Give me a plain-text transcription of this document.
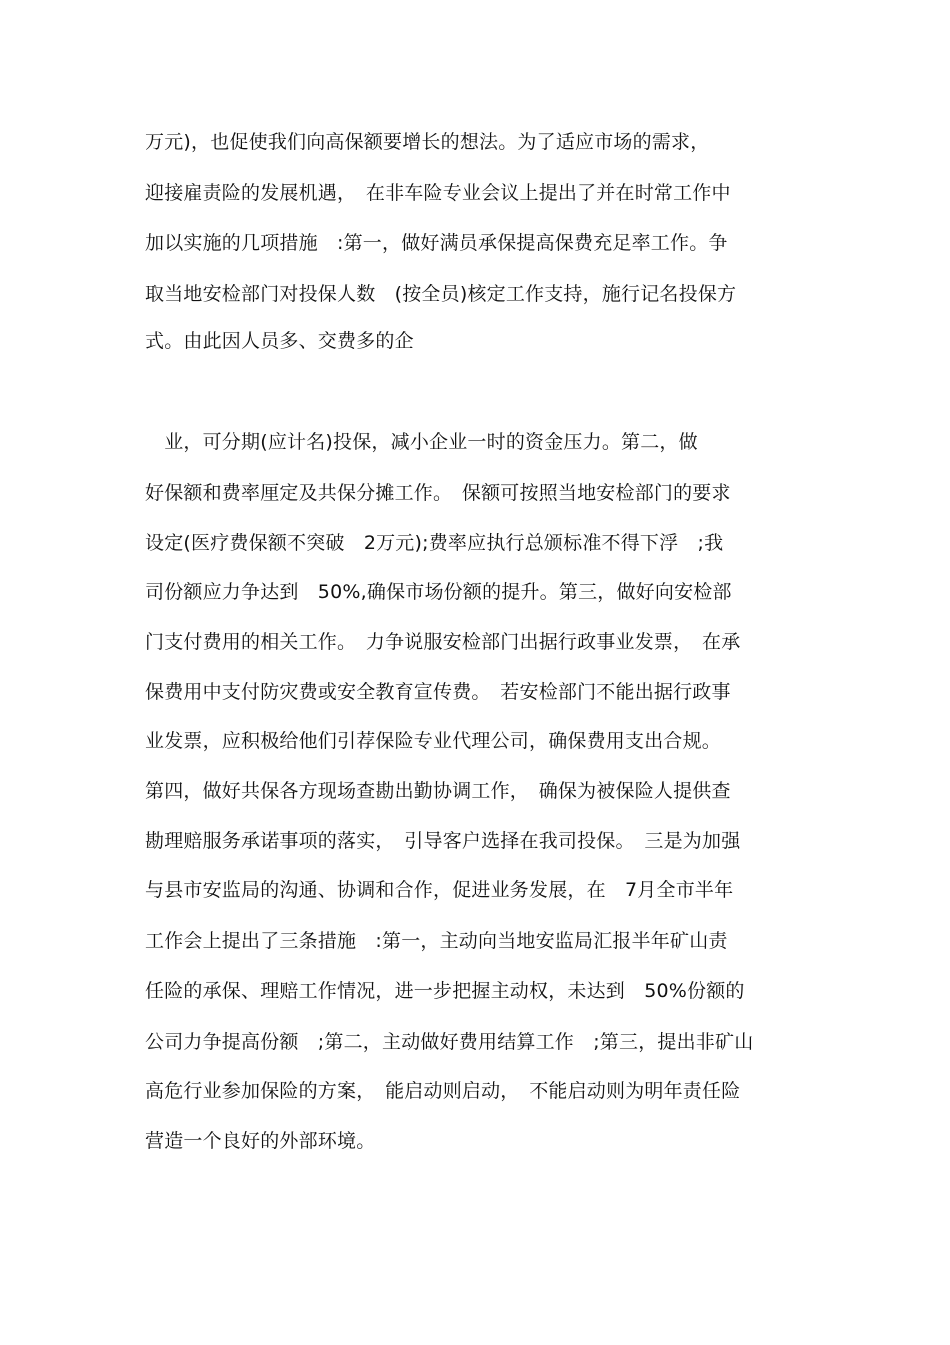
万元)，也促使我们向高保额要增长的想法。为了适应市场的需求，
迎接雇责险的发展机遇，　在非车险专业会议上提出了并在时常工作中
加以实施的几项措施　:第一，做好满员承保提高保费充足率工作。争
取当地安检部门对投保人数　(按全员)核定工作支持，施行记名投保方
式。由此因人员多、交费多的企
　业，可分期(应计名)投保，减小企业一时的资金压力。第二，做
好保额和费率厘定及共保分摊工作。　保额可按照当地安检部门的要求
设定(医疗费保额不突破　2万元);费率应执行总颁标准不得下浮　;我
司份额应力争达到　50%,确保市场份额的提升。第三，做好向安检部
门支付费用的相关工作。　力争说服安检部门出据行政事业发票，　在承
保费用中支付防灾费或安全教育宣传费。　若安检部门不能出据行政事
业发票，应积极给他们引荐保险专业代理公司，确保费用支出合规。
第四，做好共保各方现场查勘出勤协调工作，　确保为被保险人提供查
勘理赔服务承诺事项的落实，　引导客户选择在我司投保。　三是为加强
与县市安监局的沟通、协调和合作，促进业务发展，在　7月全市半年
工作会上提出了三条措施　:第一，主动向当地安监局汇报半年矿山责
任险的承保、理赔工作情况，进一步把握主动权，未达到　50%份额的
公司力争提高份额　;第二，主动做好费用结算工作　;第三，提出非矿山
高危行业参加保险的方案，　能启动则启动，　不能启动则为明年责任险
营造一个良好的外部环境。
